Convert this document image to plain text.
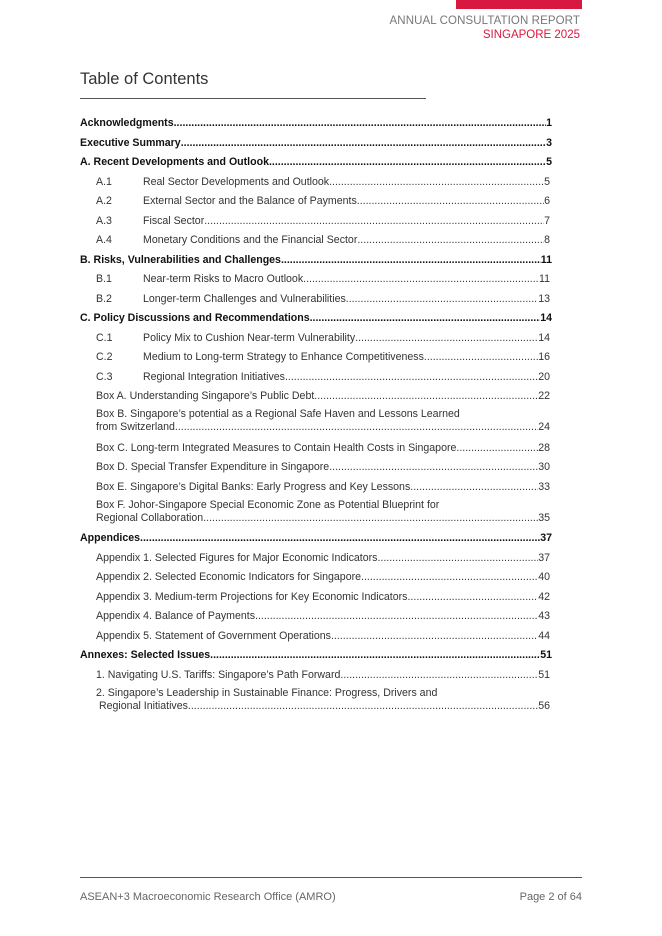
ANNUAL CONSULTATION REPORT
SINGAPORE 2025
Table of Contents
Acknowledgments .....	1
Executive Summary .....	3
A. Recent Developments and Outlook .....	5
A.1	Real Sector Developments and Outlook .....	5
A.2	External Sector and the Balance of Payments .....	6
A.3	Fiscal Sector .....	7
A.4	Monetary Conditions and the Financial Sector .....	8
B. Risks, Vulnerabilities and Challenges .....	11
B.1	Near-term Risks to Macro Outlook .....	11
B.2	Longer-term Challenges and Vulnerabilities .....	13
C. Policy Discussions and Recommendations .....	14
C.1	Policy Mix to Cushion Near-term Vulnerability .....	14
C.2	Medium to Long-term Strategy to Enhance Competitiveness .....	16
C.3	Regional Integration Initiatives .....	20
Box A. Understanding Singapore’s Public Debt .....	22
Box B. Singapore’s potential as a Regional Safe Haven and Lessons Learned
from Switzerland .....	24
Box C. Long-term Integrated Measures to Contain Health Costs in Singapore .....	28
Box D. Special Transfer Expenditure in Singapore .....	30
Box E. Singapore’s Digital Banks: Early Progress and Key Lessons .....	33
Box F. Johor-Singapore Special Economic Zone as Potential Blueprint for
Regional Collaboration .....	35
Appendices .....	37
Appendix 1. Selected Figures for Major Economic Indicators .....	37
Appendix 2. Selected Economic Indicators for Singapore .....	40
Appendix 3. Medium-term Projections for Key Economic Indicators .....	42
Appendix 4. Balance of Payments .....	43
Appendix 5. Statement of Government Operations .....	44
Annexes: Selected Issues .....	51
1. Navigating U.S. Tariffs: Singapore’s Path Forward .....	51
2. Singapore’s Leadership in Sustainable Finance: Progress, Drivers and
Regional Initiatives .....	56
ASEAN+3 Macroeconomic Research Office (AMRO)	Page 2 of 64
